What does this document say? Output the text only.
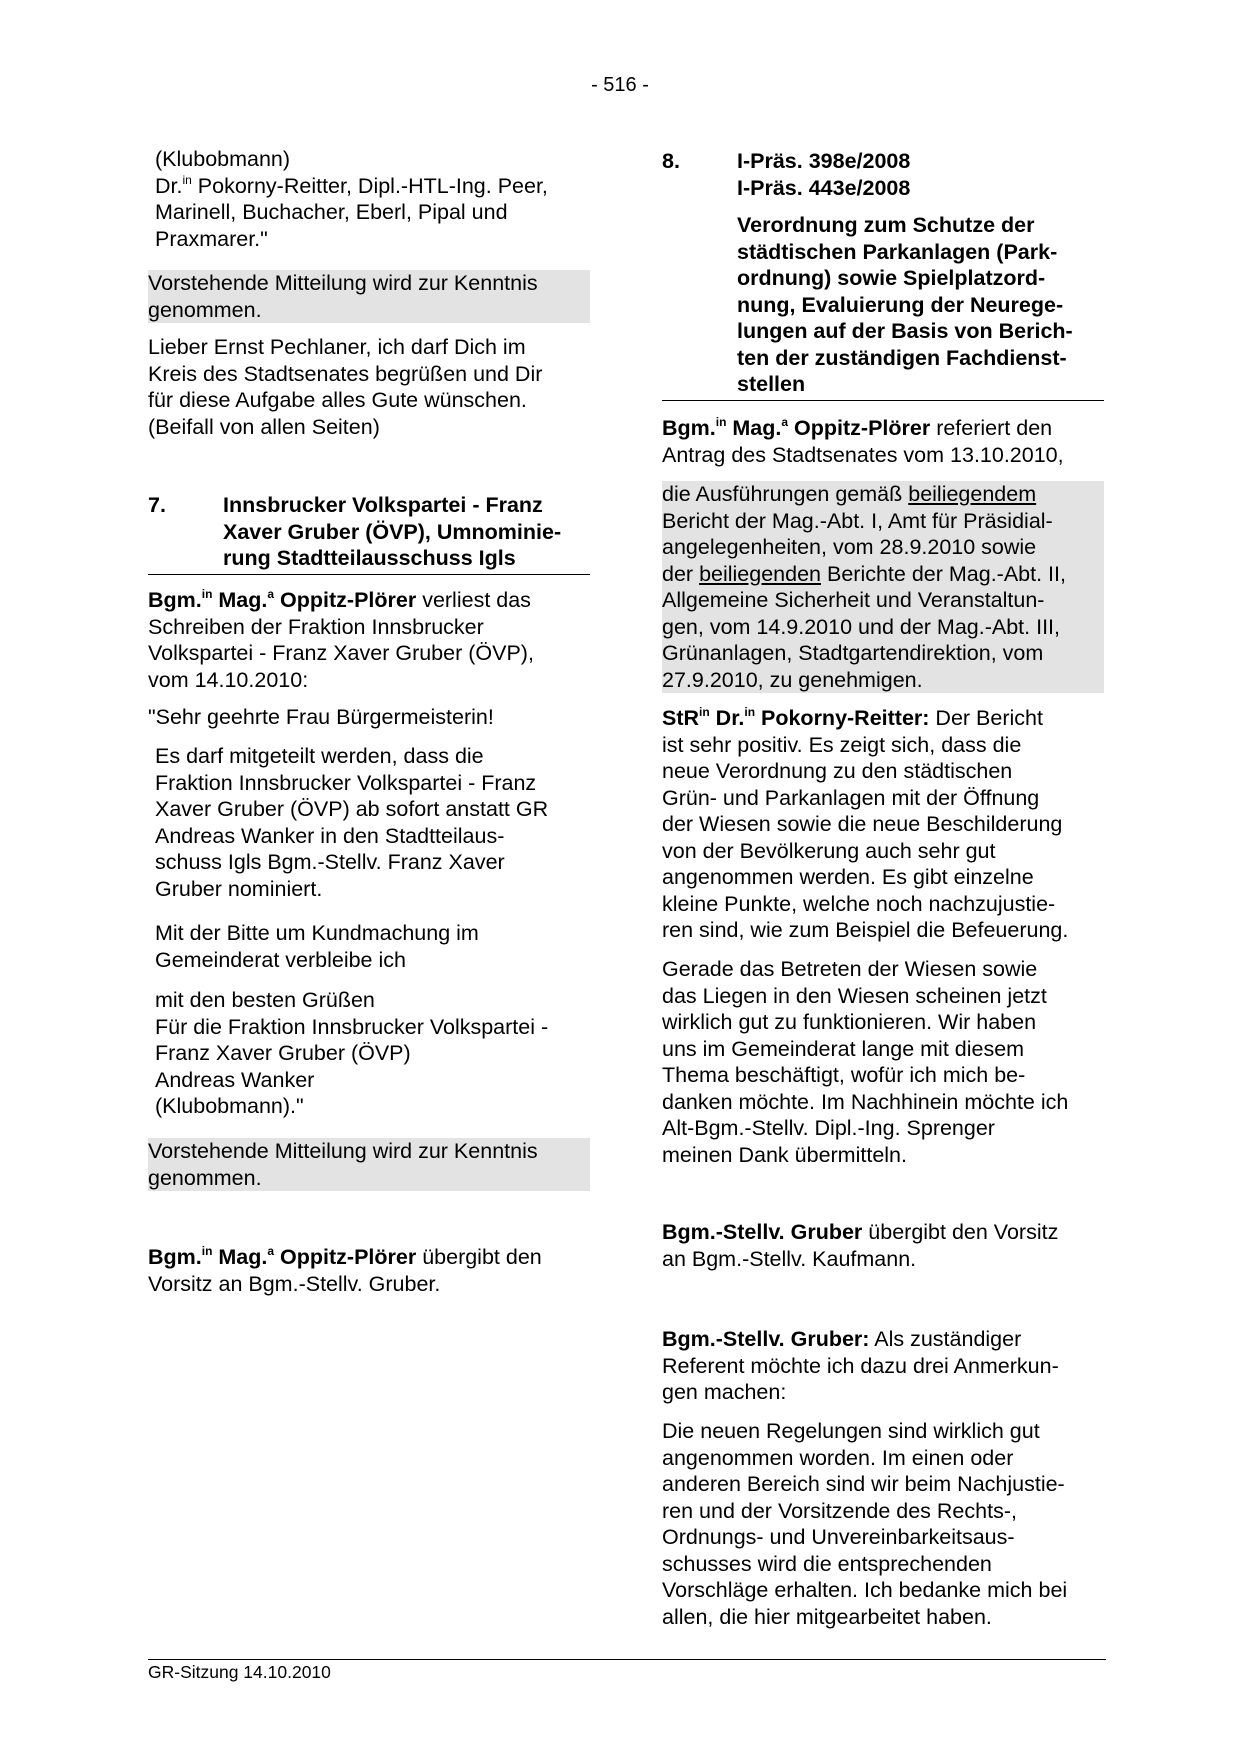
- 516 -

(Klubobmann)

Dr.$^{in}$ Pokorny-Reitter, Dipl.-HTL-Ing. Peer,

Marinell, Buchacher, Eberl, Pipal und

Praxmarer."

Vorstehende Mitteilung wird zur Kenntnis

genommen.

Lieber Ernst Pechlaner, ich darf Dich im

Kreis des Stadtsenates begrüßen und Dir

für diese Aufgabe alles Gute wünschen.

(Beifall von allen Seiten)

7.	Innsbrucker Volkspartei - Franz

Xaver Gruber (ÖVP), Umnominie-

rung Stadtteilausschuss Igls

Bgm.$^{in}$ Mag.$^a$ Oppitz-Plörer verliest das

Schreiben der Fraktion Innsbrucker

Volkspartei - Franz Xaver Gruber (ÖVP),

vom 14.10.2010:

"Sehr geehrte Frau Bürgermeisterin!

Es darf mitgeteilt werden, dass die

Fraktion Innsbrucker Volkspartei - Franz

Xaver Gruber (ÖVP) ab sofort anstatt GR

Andreas Wanker in den Stadtteilaus-

schuss Igls Bgm.-Stellv. Franz Xaver

Gruber nominiert.

Mit der Bitte um Kundmachung im

Gemeinderat verbleibe ich

mit den besten Grüßen

Für die Fraktion Innsbrucker Volkspartei -

Franz Xaver Gruber (ÖVP)

Andreas Wanker

(Klubobmann)."

Vorstehende Mitteilung wird zur Kenntnis

genommen.

Bgm.$^{in}$ Mag.$^a$ Oppitz-Plörer übergibt den

Vorsitz an Bgm.-Stellv. Gruber.

8.	I-Präs. 398e/2008

I-Präs. 443e/2008

Verordnung zum Schutze der

städtischen Parkanlagen (Park-

ordnung) sowie Spielplatzord-

nung, Evaluierung der Neurege-

lungen auf der Basis von Berich-

ten der zuständigen Fachdienst-

stellen

Bgm.$^{in}$ Mag.$^a$ Oppitz-Plörer referiert den

Antrag des Stadtsenates vom 13.10.2010,

die Ausführungen gemäß beiliegendem

Bericht der Mag.-Abt. I, Amt für Präsidial-

angelegenheiten, vom 28.9.2010 sowie

der beiliegenden Berichte der Mag.-Abt. II,

Allgemeine Sicherheit und Veranstaltun-

gen, vom 14.9.2010 und der Mag.-Abt. III,

Grünanlagen, Stadtgartendirektion, vom

27.9.2010, zu genehmigen.

StR$^{in}$ Dr.$^{in}$ Pokorny-Reitter: Der Bericht

ist sehr positiv. Es zeigt sich, dass die

neue Verordnung zu den städtischen

Grün- und Parkanlagen mit der Öffnung

der Wiesen sowie die neue Beschilderung

von der Bevölkerung auch sehr gut

angenommen werden. Es gibt einzelne

kleine Punkte, welche noch nachzujustie-

ren sind, wie zum Beispiel die Befeuerung.

Gerade das Betreten der Wiesen sowie

das Liegen in den Wiesen scheinen jetzt

wirklich gut zu funktionieren. Wir haben

uns im Gemeinderat lange mit diesem

Thema beschäftigt, wofür ich mich be-

danken möchte. Im Nachhinein möchte ich

Alt-Bgm.-Stellv. Dipl.-Ing. Sprenger

meinen Dank übermitteln.

Bgm.-Stellv. Gruber übergibt den Vorsitz

an Bgm.-Stellv. Kaufmann.

Bgm.-Stellv. Gruber: Als zuständiger

Referent möchte ich dazu drei Anmerkun-

gen machen:

Die neuen Regelungen sind wirklich gut

angenommen worden. Im einen oder

anderen Bereich sind wir beim Nachjustie-

ren und der Vorsitzende des Rechts-,

Ordnungs- und Unvereinbarkeitsaus-

schusses wird die entsprechenden

Vorschläge erhalten. Ich bedanke mich bei

allen, die hier mitgearbeitet haben.

GR-Sitzung 14.10.2010
